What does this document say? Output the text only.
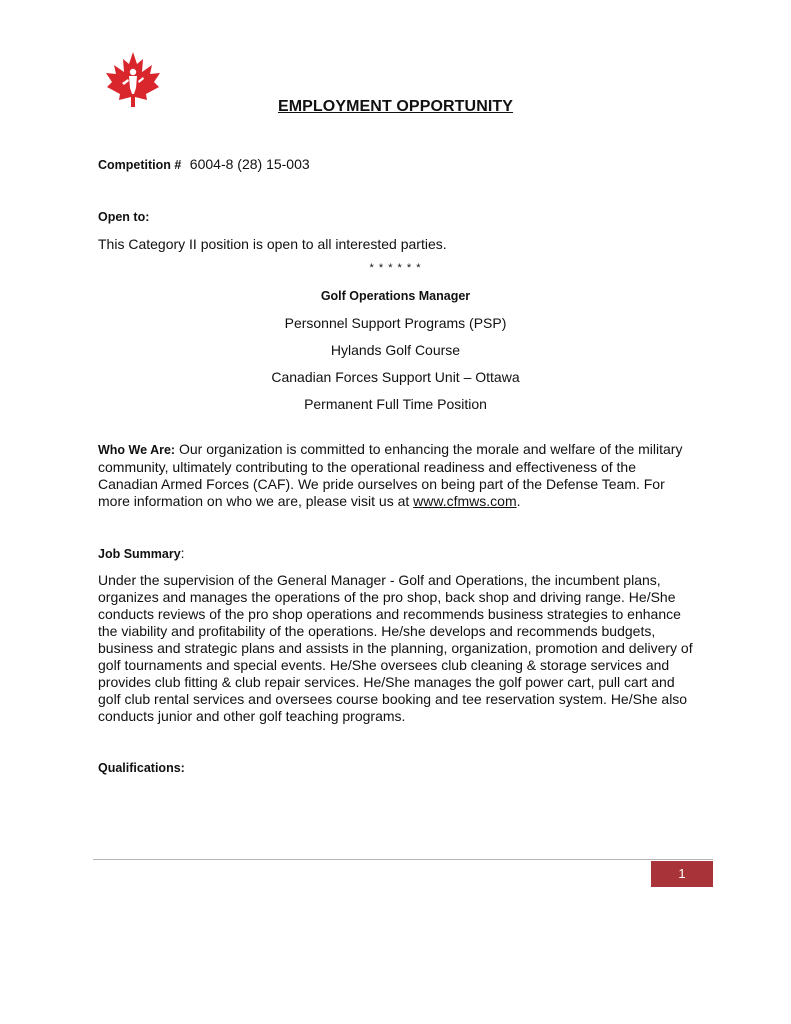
EMPLOYMENT OPPORTUNITY
Competition # 6004-8 (28) 15-003
Open to:
This Category II position is open to all interested parties.
* * * * * *
Golf Operations Manager
Personnel Support Programs (PSP)
Hylands Golf Course
Canadian Forces Support Unit – Ottawa
Permanent Full Time Position
Who We Are: Our organization is committed to enhancing the morale and welfare of the military community, ultimately contributing to the operational readiness and effectiveness of the Canadian Armed Forces (CAF). We pride ourselves on being part of the Defense Team. For more information on who we are, please visit us at www.cfmws.com.
Job Summary:
Under the supervision of the General Manager - Golf and Operations, the incumbent plans, organizes and manages the operations of the pro shop, back shop and driving range. He/She conducts reviews of the pro shop operations and recommends business strategies to enhance the viability and profitability of the operations. He/she develops and recommends budgets, business and strategic plans and assists in the planning, organization, promotion and delivery of golf tournaments and special events. He/She oversees club cleaning & storage services and provides club fitting & club repair services. He/She manages the golf power cart, pull cart and golf club rental services and oversees course booking and tee reservation system. He/She also conducts junior and other golf teaching programs.
Qualifications:
1
